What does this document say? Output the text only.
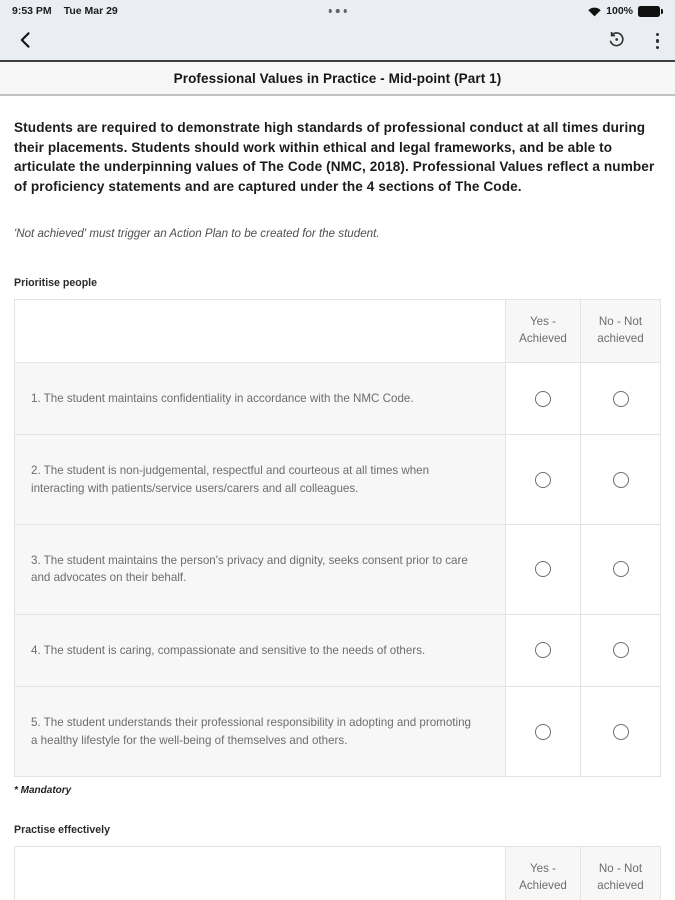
9:53 PM Tue Mar 29	100%
Professional Values in Practice - Mid-point (Part 1)

Students are required to demonstrate high standards of professional conduct at all times during their placements. Students should work within ethical and legal frameworks, and be able to articulate the underpinning values of The Code (NMC, 2018). Professional Values reflect a number of proficiency statements and are captured under the 4 sections of The Code.

'Not achieved' must trigger an Action Plan to be created for the student.

Prioritise people
Yes - Achieved
No - Not achieved
1. The student maintains confidentiality in accordance with the NMC Code.
2. The student is non-judgemental, respectful and courteous at all times when interacting with patients/service users/carers and all colleagues.
3. The student maintains the person's privacy and dignity, seeks consent prior to care and advocates on their behalf.
4. The student is caring, compassionate and sensitive to the needs of others.
5. The student understands their professional responsibility in adopting and promoting a healthy lifestyle for the well-being of themselves and others.
* Mandatory
Practise effectively
Yes - Achieved
No - Not achieved
